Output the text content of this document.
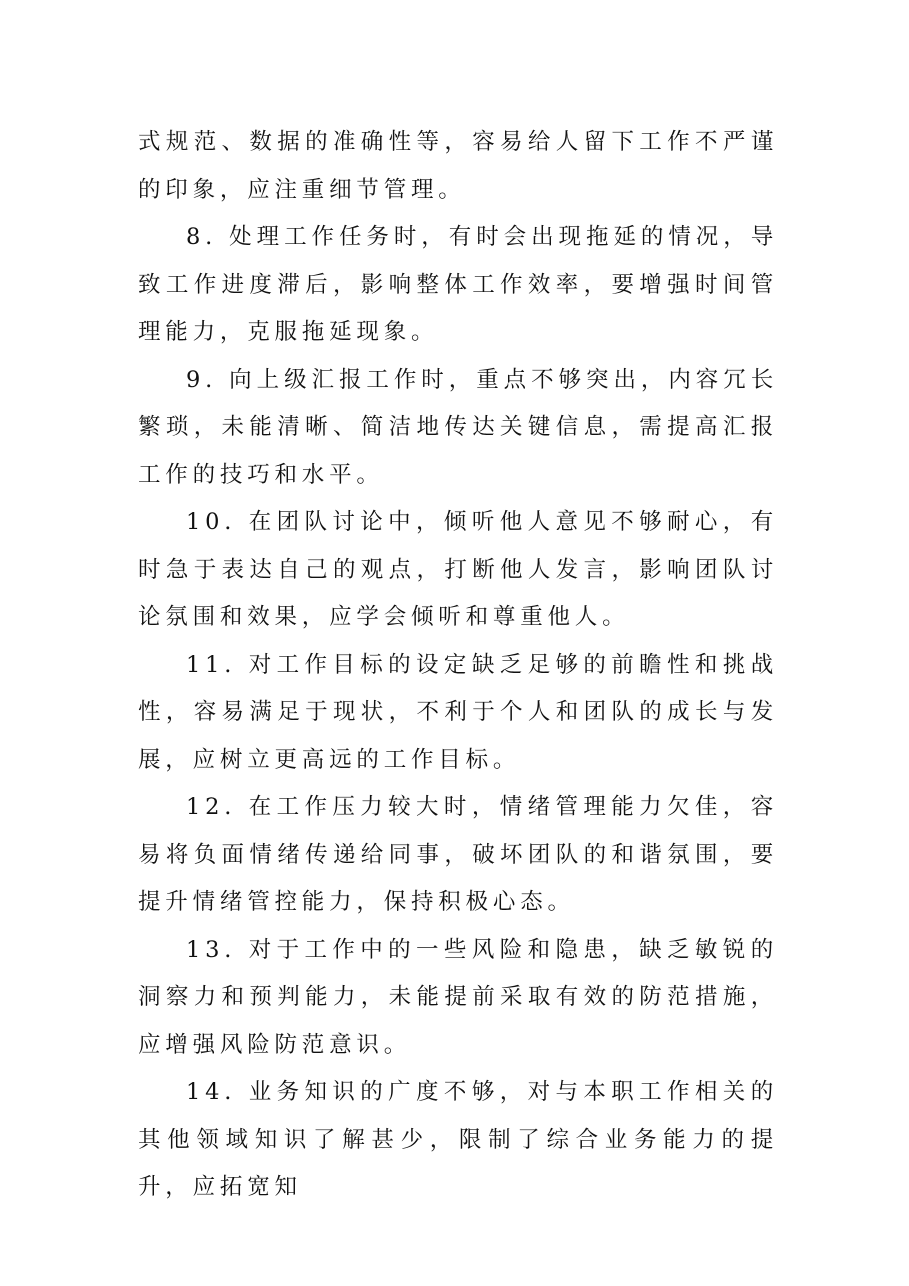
式规范、数据的准确性等，容易给人留下工作不严谨的印象，应注重细节管理。

8. 处理工作任务时，有时会出现拖延的情况，导致工作进度滞后，影响整体工作效率，要增强时间管理能力，克服拖延现象。

9. 向上级汇报工作时，重点不够突出，内容冗长繁琐，未能清晰、简洁地传达关键信息，需提高汇报工作的技巧和水平。

10. 在团队讨论中，倾听他人意见不够耐心，有时急于表达自己的观点，打断他人发言，影响团队讨论氛围和效果，应学会倾听和尊重他人。

11. 对工作目标的设定缺乏足够的前瞻性和挑战性，容易满足于现状，不利于个人和团队的成长与发展，应树立更高远的工作目标。

12. 在工作压力较大时，情绪管理能力欠佳，容易将负面情绪传递给同事，破坏团队的和谐氛围，要提升情绪管控能力，保持积极心态。

13. 对于工作中的一些风险和隐患，缺乏敏锐的洞察力和预判能力，未能提前采取有效的防范措施，应增强风险防范意识。

14. 业务知识的广度不够，对与本职工作相关的其他领域知识了解甚少，限制了综合业务能力的提升，应拓宽知
